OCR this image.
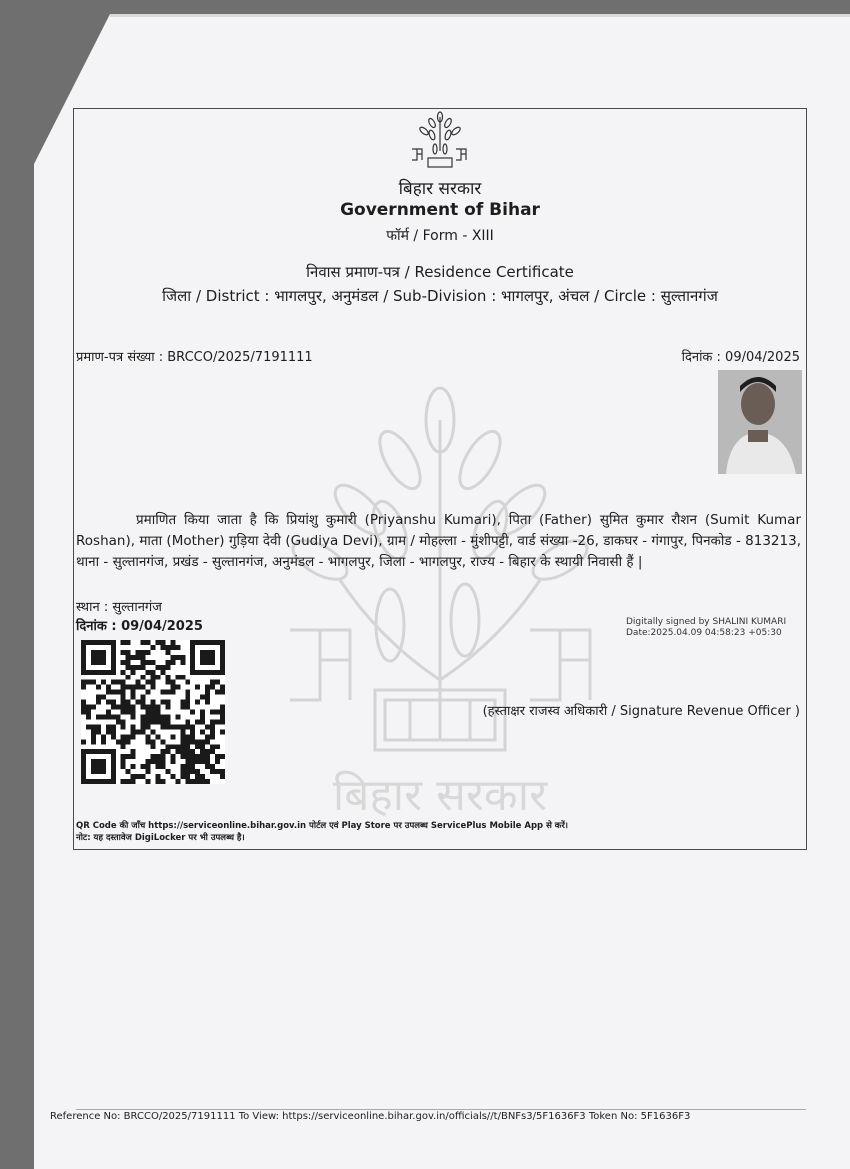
बिहार सरकार
बिहार सरकार
Government of Bihar
फॉर्म / Form - XIII
निवास प्रमाण-पत्र / Residence Certificate
जिला / District : भागलपुर, अनुमंडल / Sub-Division : भागलपुर, अंचल / Circle : सुल्तानगंज
प्रमाण-पत्र संख्या : BRCCO/2025/7191111	दिनांक : 09/04/2025
प्रमाणित किया जाता है कि प्रियांशु कुमारी (Priyanshu Kumari), पिता (Father) सुमित कुमार रौशन (Sumit Kumar Roshan), माता (Mother) गुड़िया देवी (Gudiya Devi), ग्राम / मोहल्ला - मुंशीपट्टी, वार्ड संख्या -26, डाकघर - गंगापुर, पिनकोड - 813213, थाना - सुल्तानगंज, प्रखंड - सुल्तानगंज, अनुमंडल - भागलपुर, जिला - भागलपुर, राज्य - बिहार के स्थायी निवासी हैं |
स्थान : सुल्तानगंज
दिनांक : 09/04/2025	Digitally signed by SHALINI KUMARI
Date:2025.04.09 04:58:23 +05:30
(हस्ताक्षर राजस्व अधिकारी / Signature Revenue Officer )
QR Code की जाँच https://serviceonline.bihar.gov.in पोर्टल एवं Play Store पर उपलब्ध ServicePlus Mobile App से करें।
नोट: यह दस्तावेज DigiLocker पर भी उपलब्ध है।
Reference No: BRCCO/2025/7191111 To View: https://serviceonline.bihar.gov.in/officials//t/BNFs3/5F1636F3 Token No: 5F1636F3
